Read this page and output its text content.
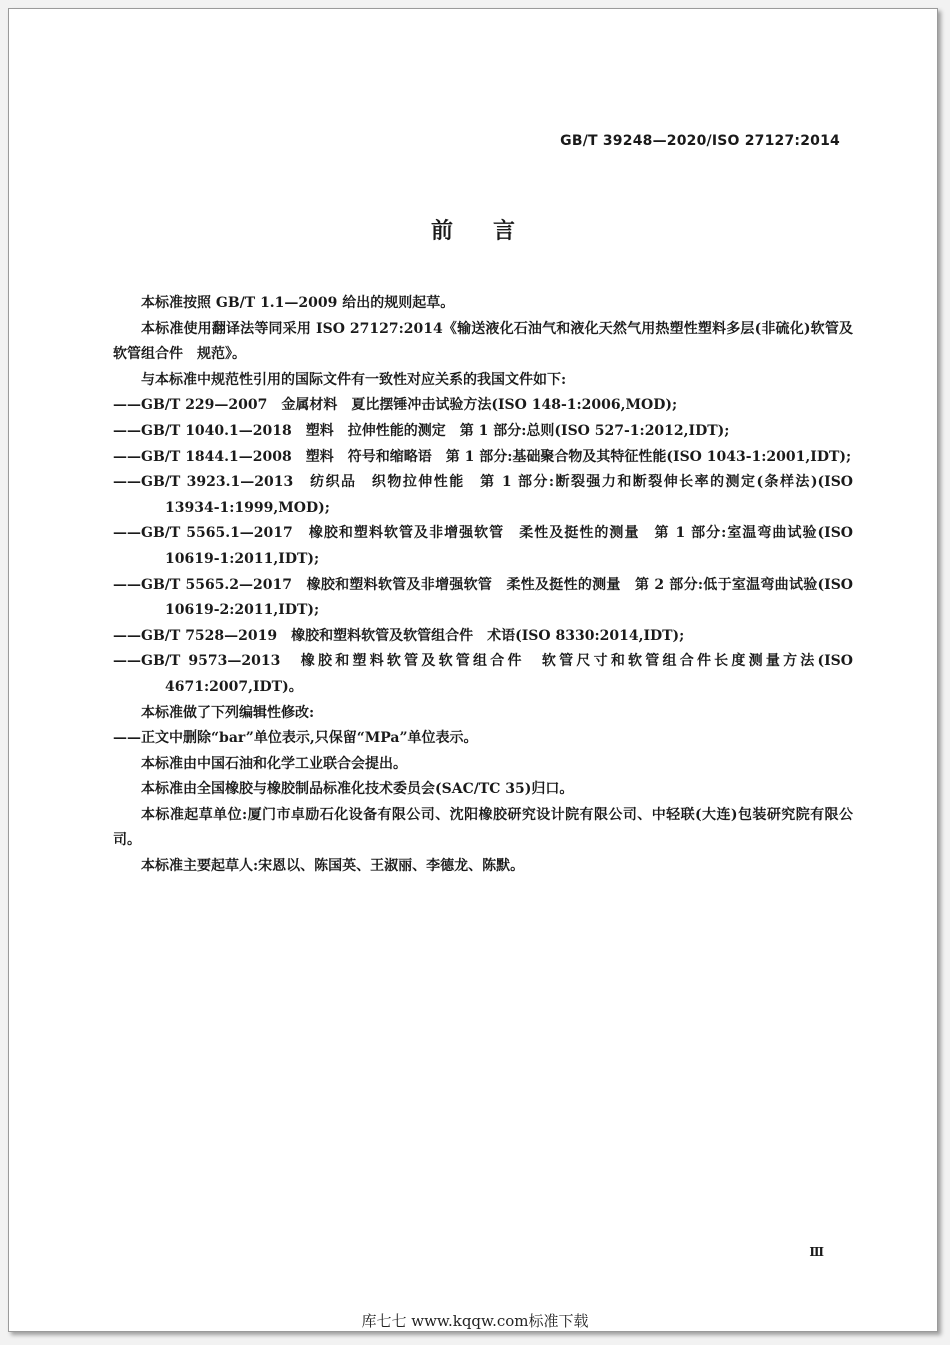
GB/T 39248—2020/ISO 27127:2014
前言

本标准按照 GB/T 1.1—2009 给出的规则起草。

本标准使用翻译法等同采用 ISO 27127:2014《输送液化石油气和液化天然气用热塑性塑料多层(非硫化)软管及软管组合件　规范》。

与本标准中规范性引用的国际文件有一致性对应关系的我国文件如下:

——GB/T 229—2007　金属材料　夏比摆锤冲击试验方法(ISO 148-1:2006,MOD);

——GB/T 1040.1—2018　塑料　拉伸性能的测定　第 1 部分:总则(ISO 527-1:2012,IDT);

——GB/T 1844.1—2008　塑料　符号和缩略语　第 1 部分:基础聚合物及其特征性能(ISO 1043-1:2001,IDT);

——GB/T 3923.1—2013　纺织品　织物拉伸性能　第 1 部分:断裂强力和断裂伸长率的测定(条样法)(ISO 13934-1:1999,MOD);

——GB/T 5565.1—2017　橡胶和塑料软管及非增强软管　柔性及挺性的测量　第 1 部分:室温弯曲试验(ISO 10619-1:2011,IDT);

——GB/T 5565.2—2017　橡胶和塑料软管及非增强软管　柔性及挺性的测量　第 2 部分:低于室温弯曲试验(ISO 10619-2:2011,IDT);

——GB/T 7528—2019　橡胶和塑料软管及软管组合件　术语(ISO 8330:2014,IDT);

——GB/T 9573—2013　橡胶和塑料软管及软管组合件　软管尺寸和软管组合件长度测量方法(ISO 4671:2007,IDT)。

本标准做了下列编辑性修改:

——正文中删除“bar”单位表示,只保留“MPa”单位表示。

本标准由中国石油和化学工业联合会提出。

本标准由全国橡胶与橡胶制品标准化技术委员会(SAC/TC 35)归口。

本标准起草单位:厦门市卓励石化设备有限公司、沈阳橡胶研究设计院有限公司、中轻联(大连)包装研究院有限公司。

本标准主要起草人:宋恩以、陈国英、王淑丽、李德龙、陈默。

Ⅲ
库七七 www.kqqw.com标准下载
